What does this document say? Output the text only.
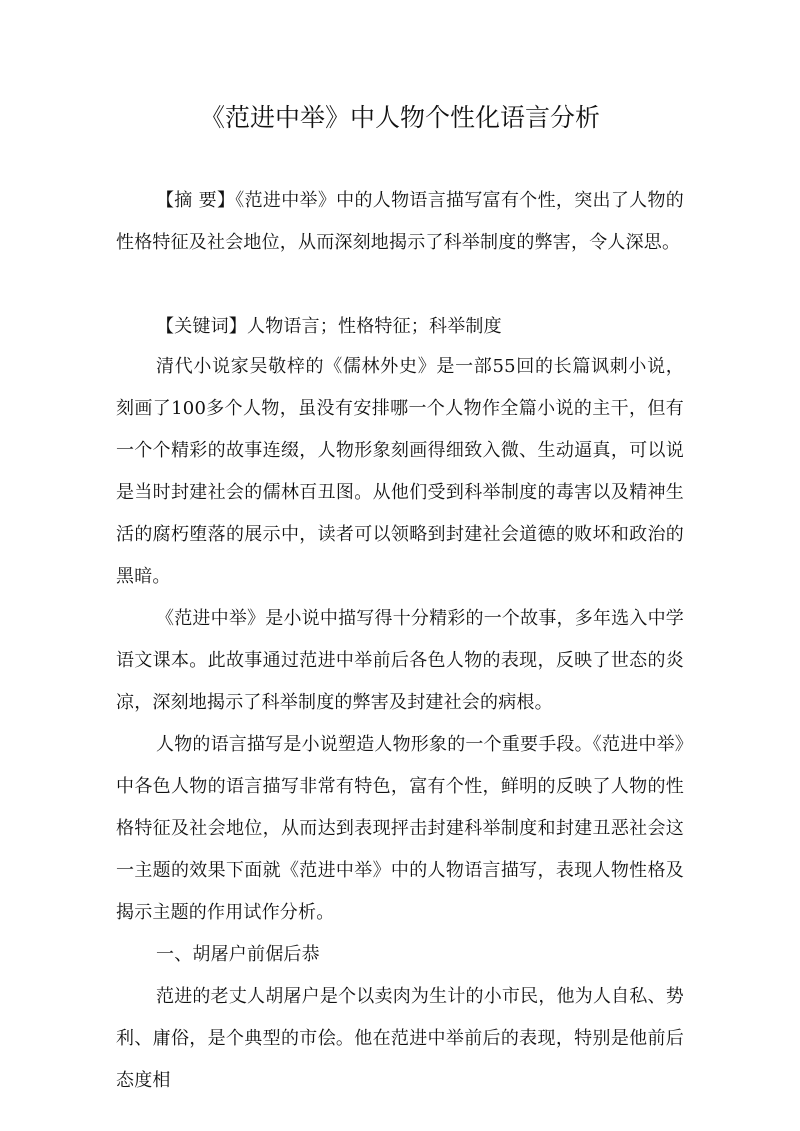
《范进中举》中人物个性化语言分析

【摘 要】《范进中举》中的人物语言描写富有个性，突出了人物的性格特征及社会地位，从而深刻地揭示了科举制度的弊害，令人深思。

【关键词】人物语言；性格特征；科举制度

清代小说家吴敬梓的《儒林外史》是一部55回的长篇讽刺小说，刻画了100多个人物，虽没有安排哪一个人物作全篇小说的主干，但有一个个精彩的故事连缀，人物形象刻画得细致入微、生动逼真，可以说是当时封建社会的儒林百丑图。从他们受到科举制度的毒害以及精神生活的腐朽堕落的展示中，读者可以领略到封建社会道德的败坏和政治的黑暗。

《范进中举》是小说中描写得十分精彩的一个故事，多年选入中学语文课本。此故事通过范进中举前后各色人物的表现，反映了世态的炎凉，深刻地揭示了科举制度的弊害及封建社会的病根。

人物的语言描写是小说塑造人物形象的一个重要手段。《范进中举》中各色人物的语言描写非常有特色，富有个性，鲜明的反映了人物的性格特征及社会地位，从而达到表现抨击封建科举制度和封建丑恶社会这一主题的效果下面就《范进中举》中的人物语言描写，表现人物性格及揭示主题的作用试作分析。

一、胡屠户前倨后恭

范进的老丈人胡屠户是个以卖肉为生计的小市民，他为人自私、势利、庸俗，是个典型的市侩。他在范进中举前后的表现，特别是他前后态度相
